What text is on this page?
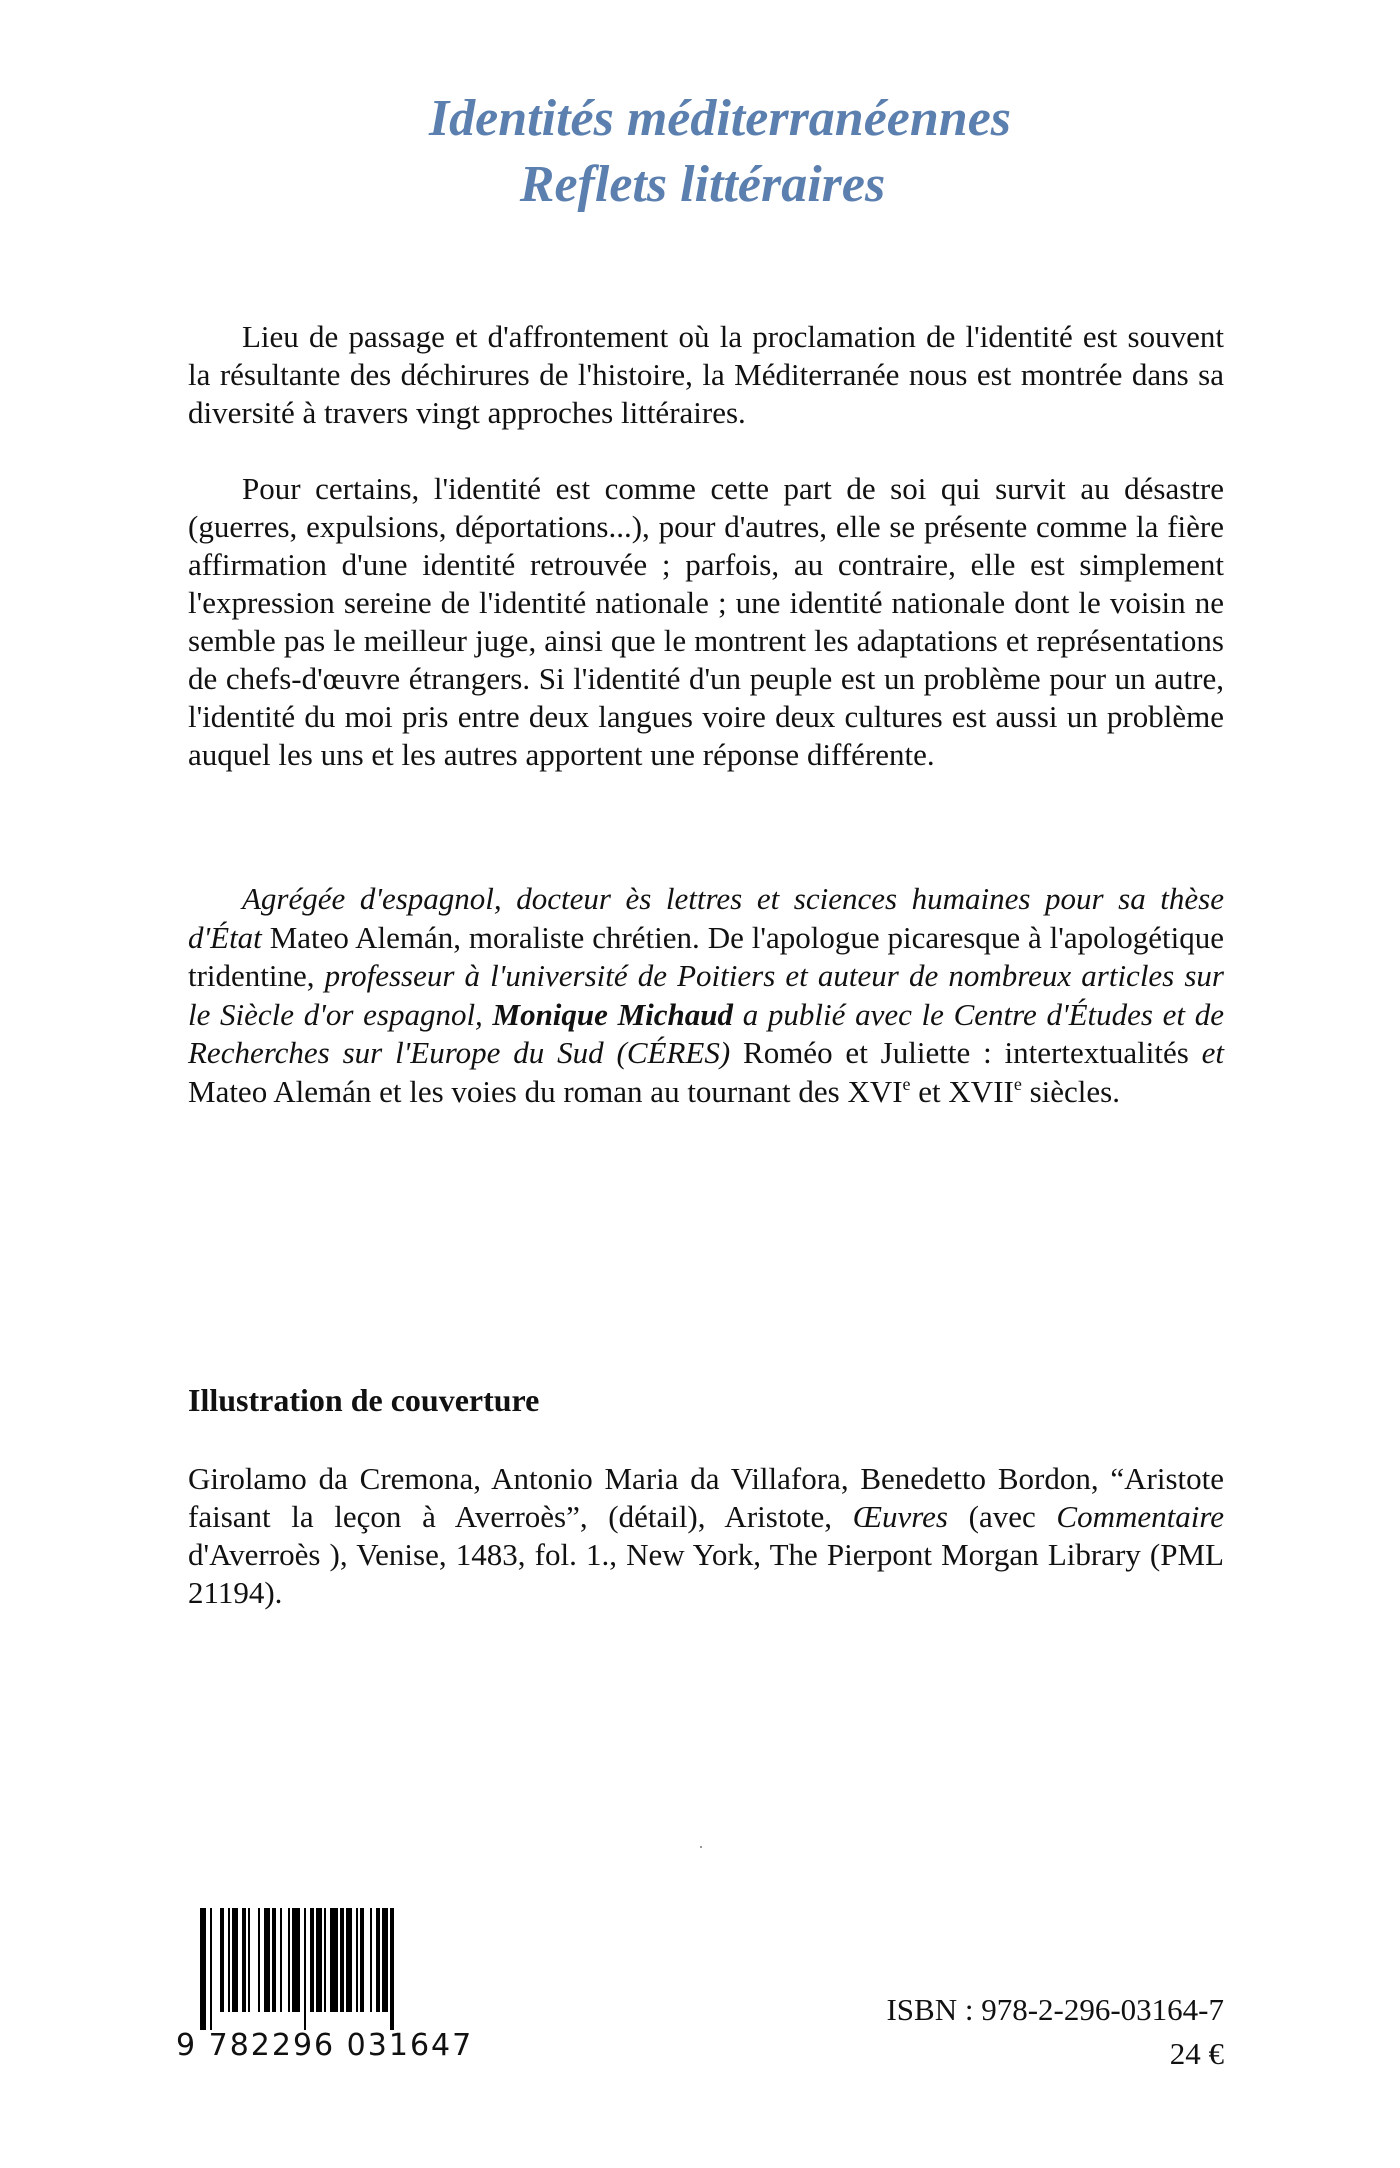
Identités méditerranéennes
Reflets littéraires

Lieu de passage et d'affrontement où la proclamation de l'identité est souvent la résultante des déchirures de l'histoire, la Méditerranée nous est montrée dans sa diversité à travers vingt approches littéraires.

Pour certains, l'identité est comme cette part de soi qui survit au désastre (guerres, expulsions, déportations...), pour d'autres, elle se présente comme la fière affirmation d'une identité retrouvée ; parfois, au contraire, elle est simplement l'expression sereine de l'identité nationale ; une identité nationale dont le voisin ne semble pas le meilleur juge, ainsi que le montrent les adaptations et représentations de chefs-d'œuvre étrangers. Si l'identité d'un peuple est un problème pour un autre, l'identité du moi pris entre deux langues voire deux cultures est aussi un problème auquel les uns et les autres apportent une réponse différente.

Agrégée d'espagnol, docteur ès lettres et sciences humaines pour sa thèse d'État Mateo Alemán, moraliste chrétien. De l'apologue picaresque à l'apologétique tridentine, professeur à l'université de Poitiers et auteur de nombreux articles sur le Siècle d'or espagnol, Monique Michaud a publié avec le Centre d'Études et de Recherches sur l'Europe du Sud (CÉRES) Roméo et Juliette : intertextualités et Mateo Alemán et les voies du roman au tournant des XVIe et XVIIe siècles.

Illustration de couverture

Girolamo da Cremona, Antonio Maria da Villafora, Benedetto Bordon, “Aristote faisant la leçon à Averroès”, (détail), Aristote, Œuvres (avec Commentaire d'Averroès ), Venise, 1483, fol. 1., New York, The Pierpont Morgan Library (PML 21194).

9 782296 031647
ISBN : 978-2-296-03164-7
24 €
